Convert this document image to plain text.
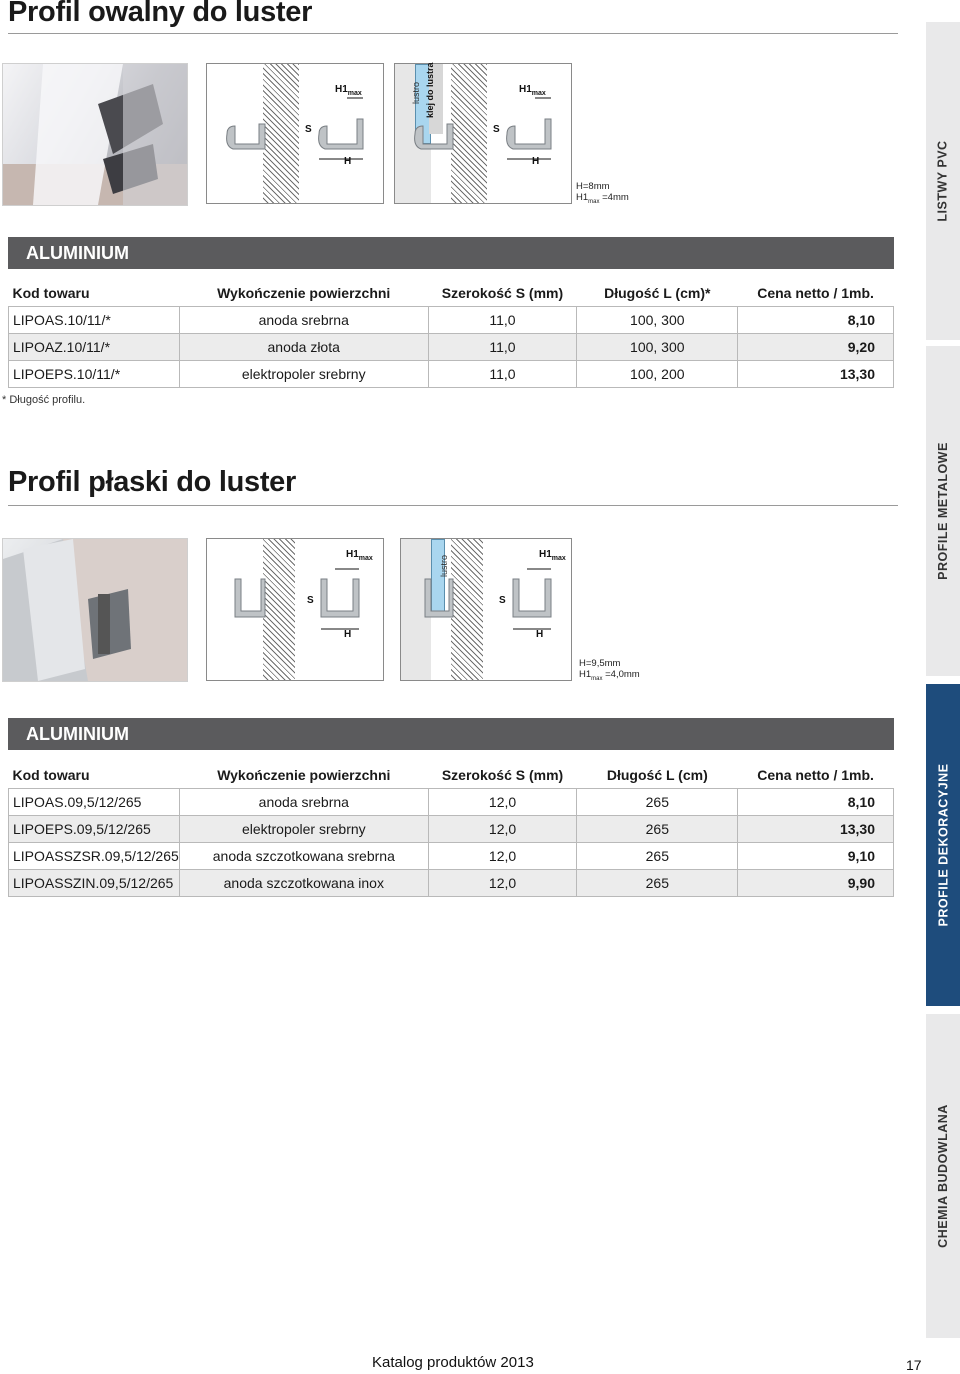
Profil owalny do luster
$H1_{max}$
S
H
lustro klej do lustra	$H1_{max}$
S
H
H=8mm
$H1_{max} =4mm$
ALUMINIUM
Kod towaru	Wykończenie powierzchni	Szerokość S (mm)	Długość L (cm)*	Cena netto / 1mb.
LIPOAS.10/11/*	anoda srebrna	11,0	100, 300	8,10
LIPOAZ.10/11/*	anoda złota	11,0	100, 300	9,20
LIPOEPS.10/11/*	elektropoler srebrny	11,0	100, 200	13,30
* Długość profilu.
Profil płaski do luster
$H1_{max}$
S
H
lustro
$H1_{max}$
S
H
H=9,5mm
$H1_{max} =4,0mm$
ALUMINIUM
Kod towaru	Wykończenie powierzchni	Szerokość S (mm)	Długość L (cm)	Cena netto / 1mb.
LIPOAS.09,5/12/265	anoda srebrna	12,0	265	8,10
LIPOEPS.09,5/12/265	elektropoler srebrny	12,0	265	13,30
LIPOASSZSR.09,5/12/265	anoda szczotkowana srebrna	12,0	265	9,10
LIPOASSZIN.09,5/12/265	anoda szczotkowana inox	12,0	265	9,90
LISTWY PVC
PROFILE METALOWE
PROFILE DEKORACYJNE
CHEMIA BUDOWLANA
Katalog produktów 2013	17
